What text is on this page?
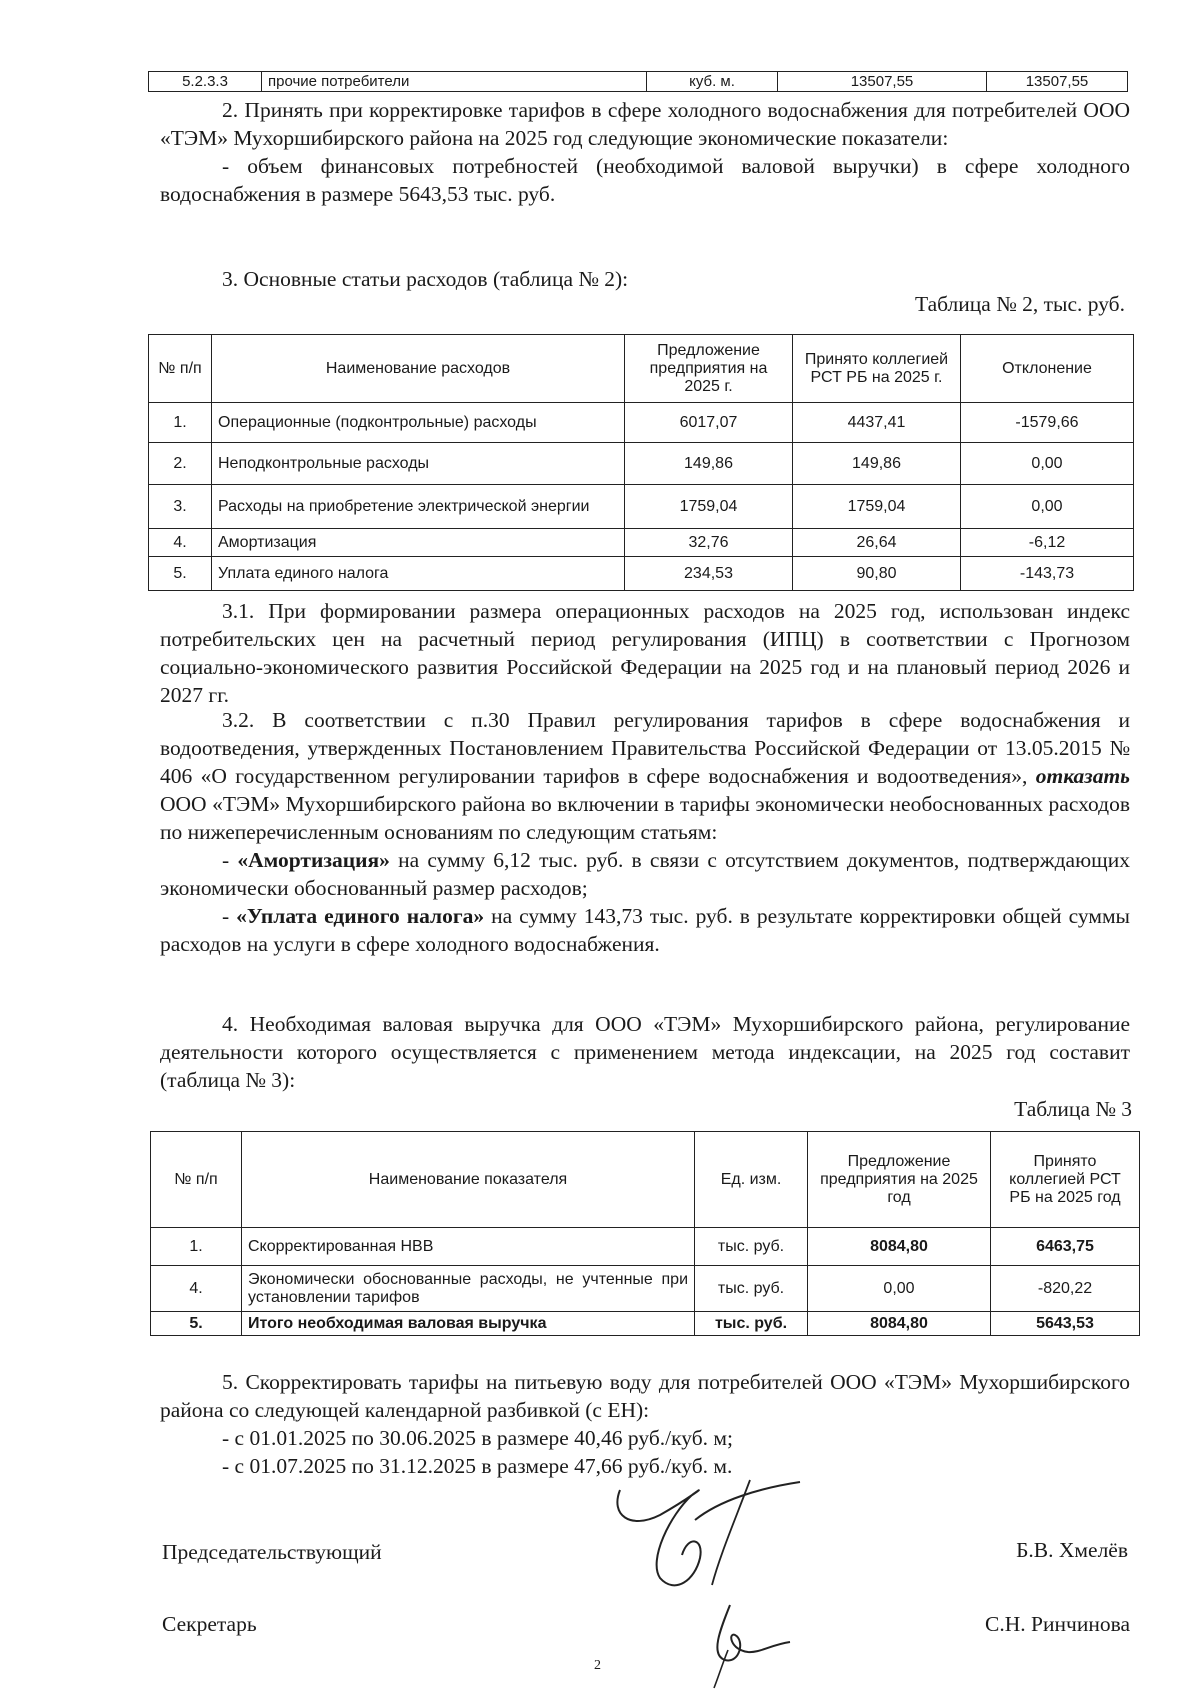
5.2.3.3	прочие потребители	куб. м.	13507,55	13507,55

2. Принять при корректировке тарифов в сфере холодного водоснабжения для потребителей ООО «ТЭМ» Мухоршибирского района на 2025 год следующие экономические показатели:

- объем финансовых потребностей (необходимой валовой выручки) в сфере холодного водоснабжения в размере 5643,53 тыс. руб.

3. Основные статьи расходов (таблица № 2):

Таблица № 2, тыс. руб.
№ п/п	Наименование расходов	Предложение предприятия на 2025 г.	Принято коллегией РСТ РБ на 2025 г.	Отклонение
1.	Операционные (подконтрольные) расходы	6017,07	4437,41	-1579,66
2.	Неподконтрольные расходы	149,86	149,86	0,00
3.	Расходы на приобретение электрической энергии	1759,04	1759,04	0,00
4.	Амортизация	32,76	26,64	-6,12
5.	Уплата единого налога	234,53	90,80	-143,73

3.1. При формировании размера операционных расходов на 2025 год, использован индекс потребительских цен на расчетный период регулирования (ИПЦ) в соответствии с Прогнозом социально-экономического развития Российской Федерации на 2025 год и на плановый период 2026 и 2027 гг.

3.2. В соответствии с п.30 Правил регулирования тарифов в сфере водоснабжения и водоотведения, утвержденных Постановлением Правительства Российской Федерации от 13.05.2015 № 406 «О государственном регулировании тарифов в сфере водоснабжения и водоотведения», отказать ООО «ТЭМ» Мухоршибирского района во включении в тарифы экономически необоснованных расходов по нижеперечисленным основаниям по следующим статьям:

- «Амортизация» на сумму 6,12 тыс. руб. в связи с отсутствием документов, подтверждающих экономически обоснованный размер расходов;

- «Уплата единого налога» на сумму 143,73 тыс. руб. в результате корректировки общей суммы расходов на услуги в сфере холодного водоснабжения.

4. Необходимая валовая выручка для ООО «ТЭМ» Мухоршибирского района, регулирование деятельности которого осуществляется с применением метода индексации, на 2025 год составит (таблица № 3):

Таблица № 3
№ п/п	Наименование показателя	Ед. изм.	Предложение предприятия на 2025 год	Принято коллегией РСТ РБ на 2025 год
1.	Скорректированная НВВ	тыс. руб.	8084,80	6463,75
4.	Экономически обоснованные расходы, не учтенные при установлении тарифов	тыс. руб.	0,00	-820,22
5.	Итого необходимая валовая выручка	тыс. руб.	8084,80	5643,53

5. Скорректировать тарифы на питьевую воду для потребителей ООО «ТЭМ» Мухоршибирского района со следующей календарной разбивкой (с ЕН):

- с 01.01.2025 по 30.06.2025 в размере 40,46 руб./куб. м;

- с 01.07.2025 по 31.12.2025 в размере 47,66 руб./куб. м.

Председательствующий	Б.В. Хмелёв
Секретарь	С.Н. Ринчинова
2
